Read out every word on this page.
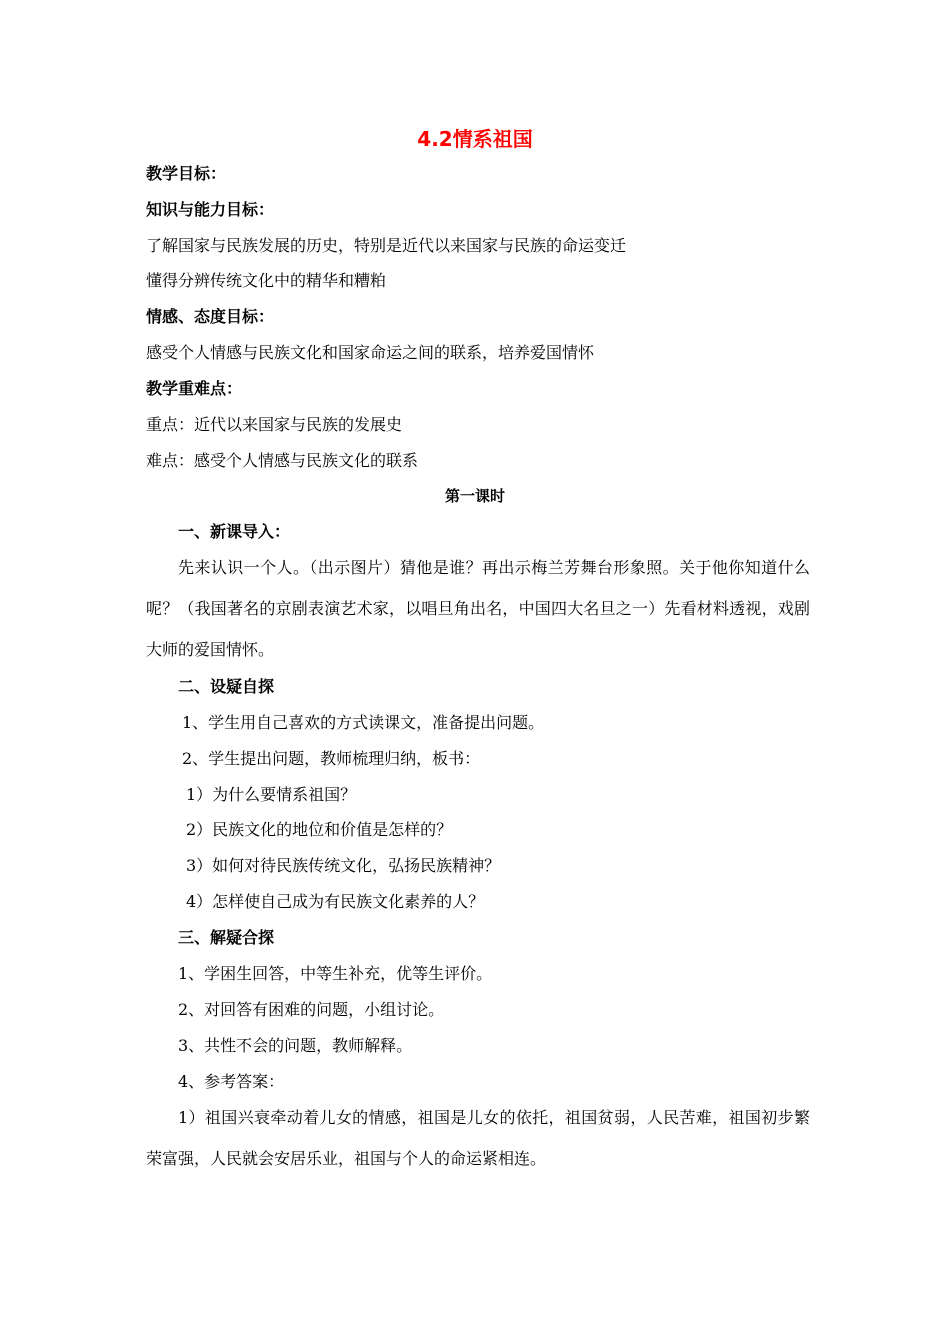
4.2情系祖国
教学目标：
知识与能力目标：
了解国家与民族发展的历史，特别是近代以来国家与民族的命运变迁
懂得分辨传统文化中的精华和糟粕
情感、态度目标：
感受个人情感与民族文化和国家命运之间的联系，培养爱国情怀
教学重难点：
重点：近代以来国家与民族的发展史
难点：感受个人情感与民族文化的联系
第一课时
一、新课导入：
先来认识一个人。（出示图片）猜他是谁？再出示梅兰芳舞台形象照。关于他你知道什么呢？（我国著名的京剧表演艺术家，以唱旦角出名，中国四大名旦之一）先看材料透视，戏剧大师的爱国情怀。
二、设疑自探
1、学生用自己喜欢的方式读课文，准备提出问题。
2、学生提出问题，教师梳理归纳，板书：
1）为什么要情系祖国？
2）民族文化的地位和价值是怎样的？
3）如何对待民族传统文化，弘扬民族精神？
4）怎样使自己成为有民族文化素养的人？
三、解疑合探
1、学困生回答，中等生补充，优等生评价。
2、对回答有困难的问题，小组讨论。
3、共性不会的问题，教师解释。
4、参考答案：
1）祖国兴衰牵动着儿女的情感，祖国是儿女的依托，祖国贫弱，人民苦难，祖国初步繁荣富强，人民就会安居乐业，祖国与个人的命运紧相连。
